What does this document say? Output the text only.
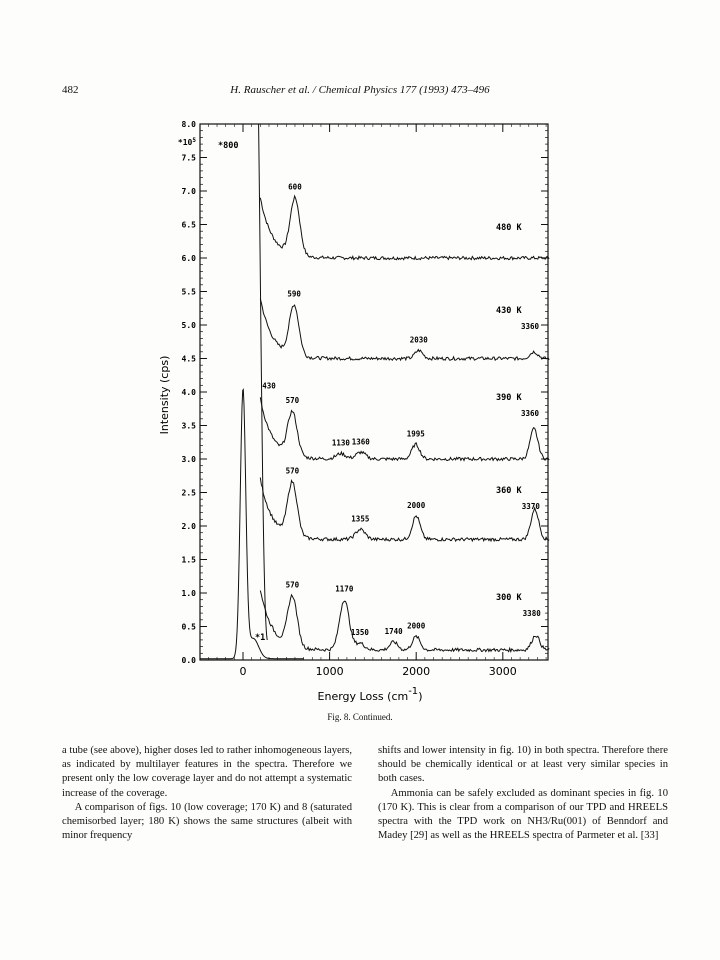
482	H. Rauscher et al. / Chemical Physics 177 (1993) 473–496
0.0
0.5
1.0
1.5
2.0
2.5
3.0
3.5
4.0
4.5
5.0
5.5
6.0
6.5
7.0
7.5
8.0
0	1000	2000	3000
$*10^5$
*800
*1
Intensity (cps)
Energy Loss (cm-1)
480 K
600
430 K
590
2030
3360
390 K
570
1130 1360
1995
3360
430
360 K
570
1355
2000	3370
300 K
570	1170
1350 1740
2000
3380
Fig. 8. Continued.

a tube (see above), higher doses led to rather inhomogeneous layers, as indicated by multilayer features in the spectra. Therefore we present only the low coverage layer and do not attempt a systematic increase of the coverage.

A comparison of figs. 10 (low coverage; 170 K) and 8 (saturated chemisorbed layer; 180 K) shows the same structures (albeit with minor frequency

shifts and lower intensity in fig. 10) in both spectra. Therefore there should be chemically identical or at least very similar species in both cases.

Ammonia can be safely excluded as dominant species in fig. 10 (170 K). This is clear from a comparison of our TPD and HREELS spectra with the TPD work on NH3/Ru(001) of Benndorf and Madey [29] as well as the HREELS spectra of Parmeter et al. [33]
